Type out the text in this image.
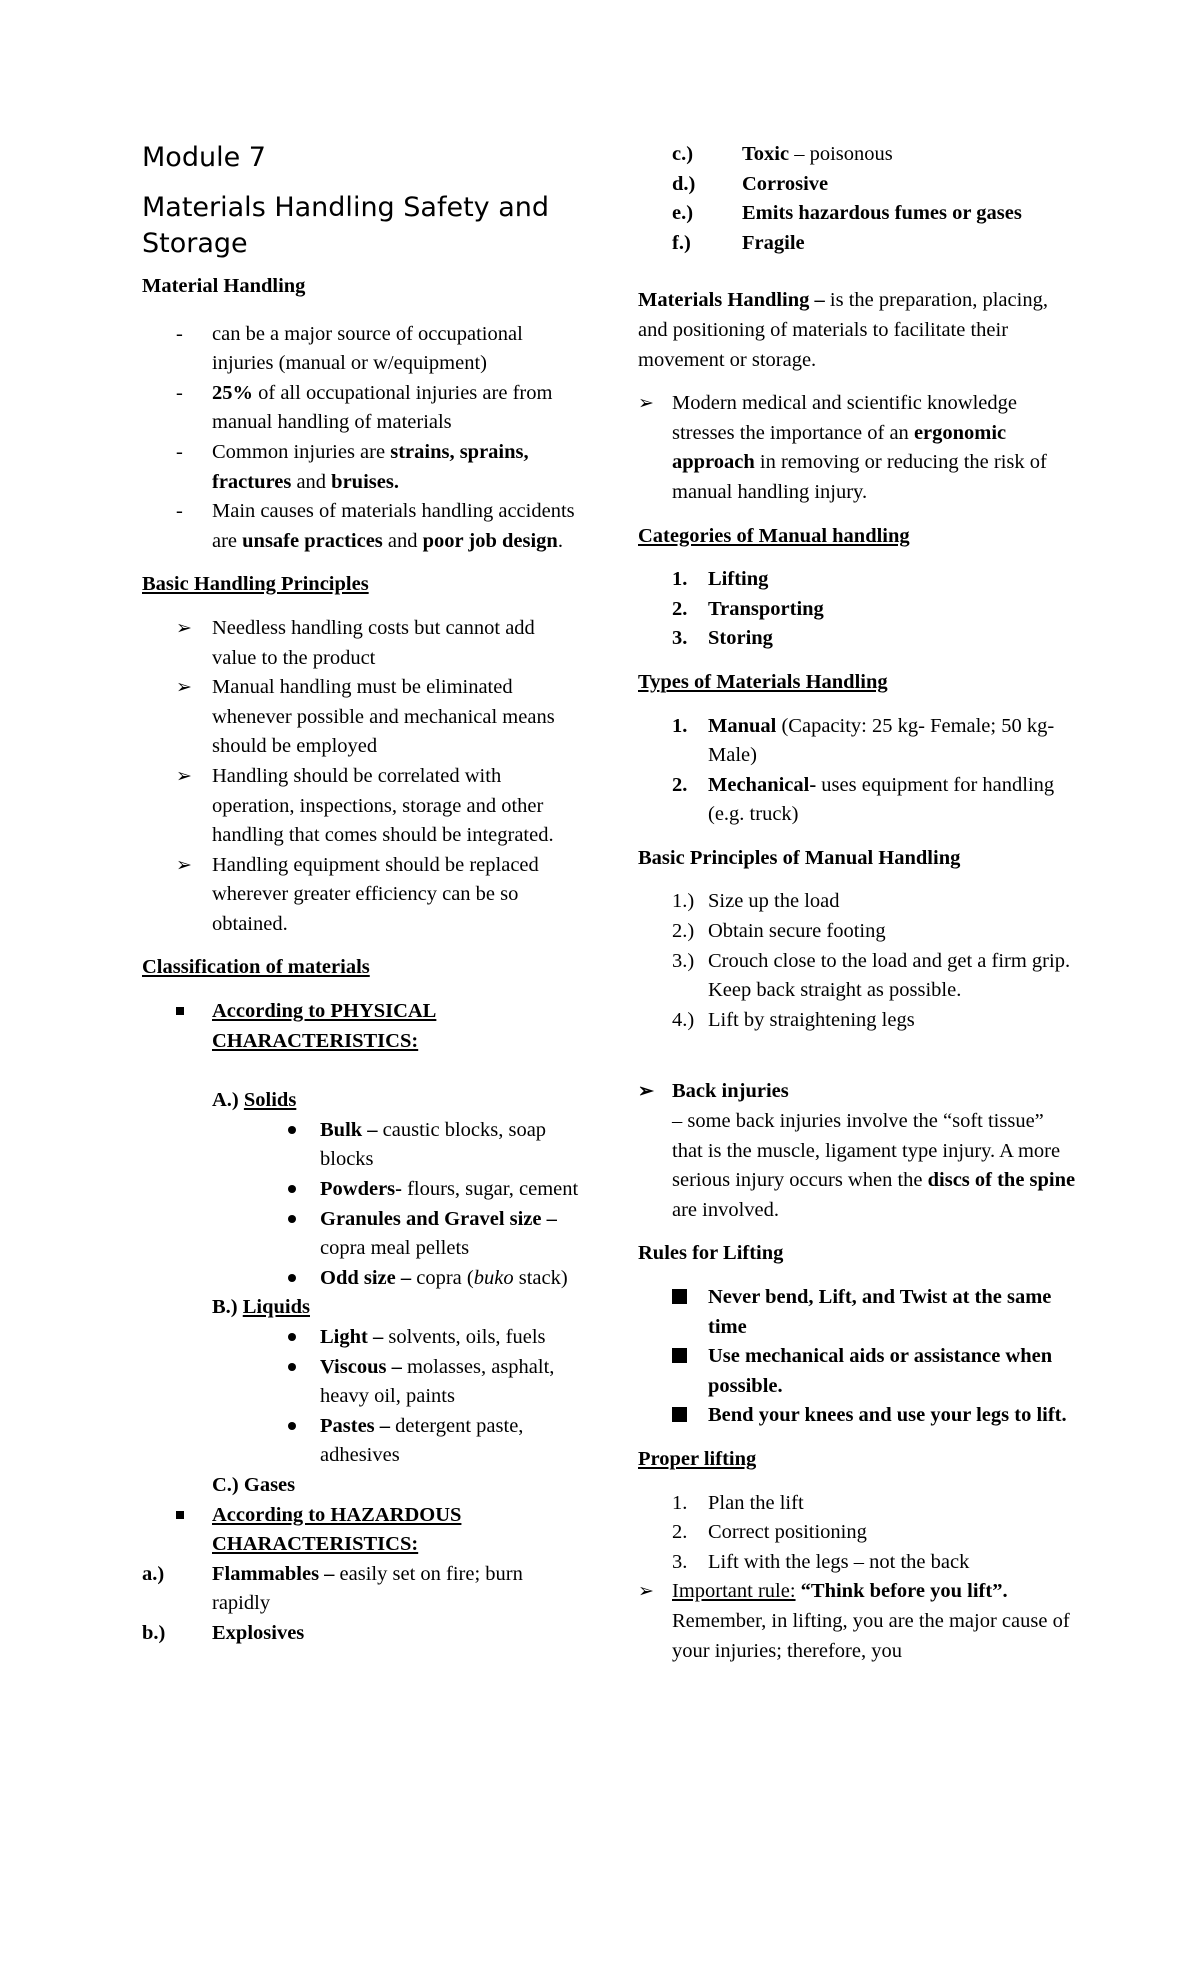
Module 7
Materials Handling Safety and Storage
Material Handling
-	can be a major source of occupational injuries (manual or w/equipment)
-	25% of all occupational injuries are from manual handling of materials
-	Common injuries are strains, sprains, fractures and bruises.
-	Main causes of materials handling accidents are unsafe practices and poor job design.
Basic Handling Principles
➢ Needless handling costs but cannot add value to the product
➢ Manual handling must be eliminated whenever possible and mechanical means should be employed
➢ Handling should be correlated with operation, inspections, storage and other handling that comes should be integrated.
➢ Handling equipment should be replaced wherever greater efficiency can be so obtained.
Classification of materials
According to PHYSICAL CHARACTERISTICS:
A.) Solids
Bulk – caustic blocks, soap blocks
Powders- flours, sugar, cement
Granules and Gravel size – copra meal pellets
Odd size – copra (buko stack)
B.) Liquids
Light – solvents, oils, fuels
Viscous – molasses, asphalt, heavy oil, paints
Pastes – detergent paste, adhesives
C.) Gases
According to HAZARDOUS CHARACTERISTICS:
a.)	Flammables – easily set on fire; burn rapidly
b.)	Explosives
c.)	Toxic – poisonous
d.)	Corrosive
e.)	Emits hazardous fumes or gases
f.)	Fragile
Materials Handling – is the preparation, placing, and positioning of materials to facilitate their movement or storage.
➢ Modern medical and scientific knowledge stresses the importance of an ergonomic approach in removing or reducing the risk of manual handling injury.
Categories of Manual handling
1.	Lifting
2.	Transporting
3.	Storing
Types of Materials Handling
1.	Manual (Capacity: 25 kg- Female; 50 kg- Male)
2.	Mechanical- uses equipment for handling (e.g. truck)
Basic Principles of Manual Handling
1.) Size up the load
2.) Obtain secure footing
3.) Crouch close to the load and get a firm grip. Keep back straight as possible.
4.) Lift by straightening legs
➢ Back injuries
– some back injuries involve the “soft tissue” that is the muscle, ligament type injury. A more serious injury occurs when the discs of the spine are involved.
Rules for Lifting
Never bend, Lift, and Twist at the same time
Use mechanical aids or assistance when possible.
Bend your knees and use your legs to lift.
Proper lifting
1.	Plan the lift
2.	Correct positioning
3.	Lift with the legs – not the back
➢ Important rule: “Think before you lift”. Remember, in lifting, you are the major cause of your injuries; therefore, you
